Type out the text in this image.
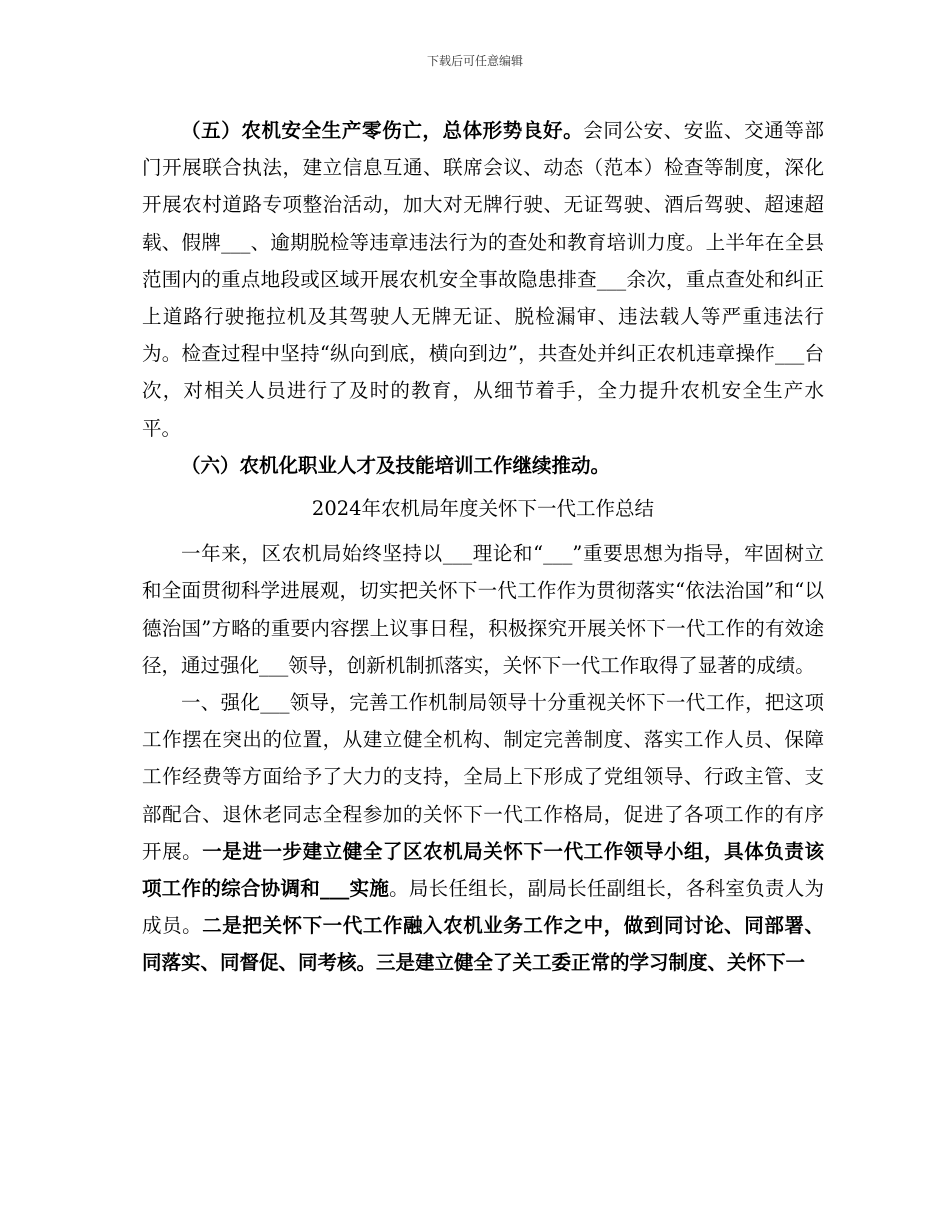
下载后可任意编辑

（五）农机安全生产零伤亡，总体形势良好。会同公安、安监、交通等部门开展联合执法，建立信息互通、联席会议、动态（范本）检查等制度，深化开展农村道路专项整治活动，加大对无牌行驶、无证驾驶、酒后驾驶、超速超载、假牌___、逾期脱检等违章违法行为的查处和教育培训力度。上半年在全县范围内的重点地段或区域开展农机安全事故隐患排查___余次，重点查处和纠正上道路行驶拖拉机及其驾驶人无牌无证、脱检漏审、违法载人等严重违法行为。检查过程中坚持“纵向到底，横向到边”，共查处并纠正农机违章操作___台次，对相关人员进行了及时的教育，从细节着手，全力提升农机安全生产水平。

（六）农机化职业人才及技能培训工作继续推动。

2024年农机局年度关怀下一代工作总结

一年来，区农机局始终坚持以___理论和“___”重要思想为指导，牢固树立和全面贯彻科学进展观，切实把关怀下一代工作作为贯彻落实“依法治国”和“以德治国”方略的重要内容摆上议事日程，积极探究开展关怀下一代工作的有效途径，通过强化___领导，创新机制抓落实，关怀下一代工作取得了显著的成绩。

一、强化___领导，完善工作机制局领导十分重视关怀下一代工作，把这项工作摆在突出的位置，从建立健全机构、制定完善制度、落实工作人员、保障工作经费等方面给予了大力的支持，全局上下形成了党组领导、行政主管、支部配合、退休老同志全程参加的关怀下一代工作格局，促进了各项工作的有序开展。一是进一步建立健全了区农机局关怀下一代工作领导小组，具体负责该项工作的综合协调和___实施。局长任组长，副局长任副组长，各科室负责人为成员。二是把关怀下一代工作融入农机业务工作之中，做到同讨论、同部署、同落实、同督促、同考核。三是建立健全了关工委正常的学习制度、关怀下一
